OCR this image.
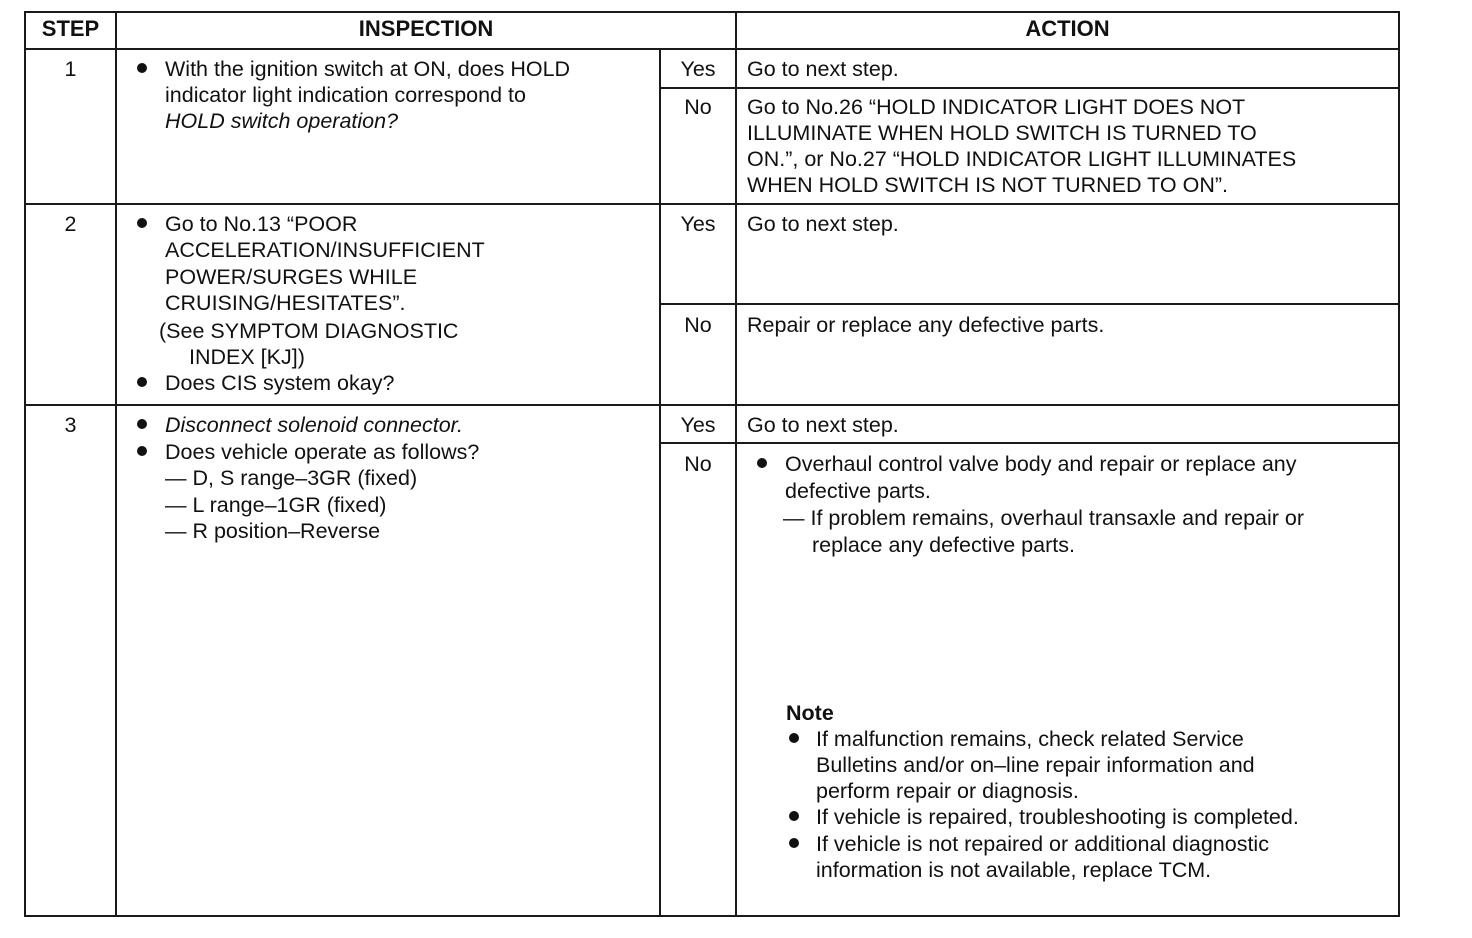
STEP	INSPECTION	ACTION
1	With the ignition switch at ON, does HOLD
indicator light indication correspond to
HOLD switch operation?
Yes	Go to next step.
No	Go to No.26 “HOLD INDICATOR LIGHT DOES NOT
ILLUMINATE WHEN HOLD SWITCH IS TURNED TO
ON.”, or No.27 “HOLD INDICATOR LIGHT ILLUMINATES
WHEN HOLD SWITCH IS NOT TURNED TO ON”.
2	Go to No.13 “POOR
ACCELERATION/INSUFFICIENT
POWER/SURGES WHILE
CRUISING/HESITATES”.
(See SYMPTOM DIAGNOSTIC
INDEX [KJ])
Does CIS system okay?
Yes	Go to next step.
No	Repair or replace any defective parts.
3	Disconnect solenoid connector.
Does vehicle operate as follows?
— D, S range–3GR (fixed)
— L range–1GR (fixed)
— R position–Reverse
Yes	Go to next step.
No	Overhaul control valve body and repair or replace any
defective parts.
— If problem remains, overhaul transaxle and repair or
replace any defective parts.
Note
If malfunction remains, check related Service
Bulletins and/or on–line repair information and
perform repair or diagnosis.
If vehicle is repaired, troubleshooting is completed.
If vehicle is not repaired or additional diagnostic
information is not available, replace TCM.
